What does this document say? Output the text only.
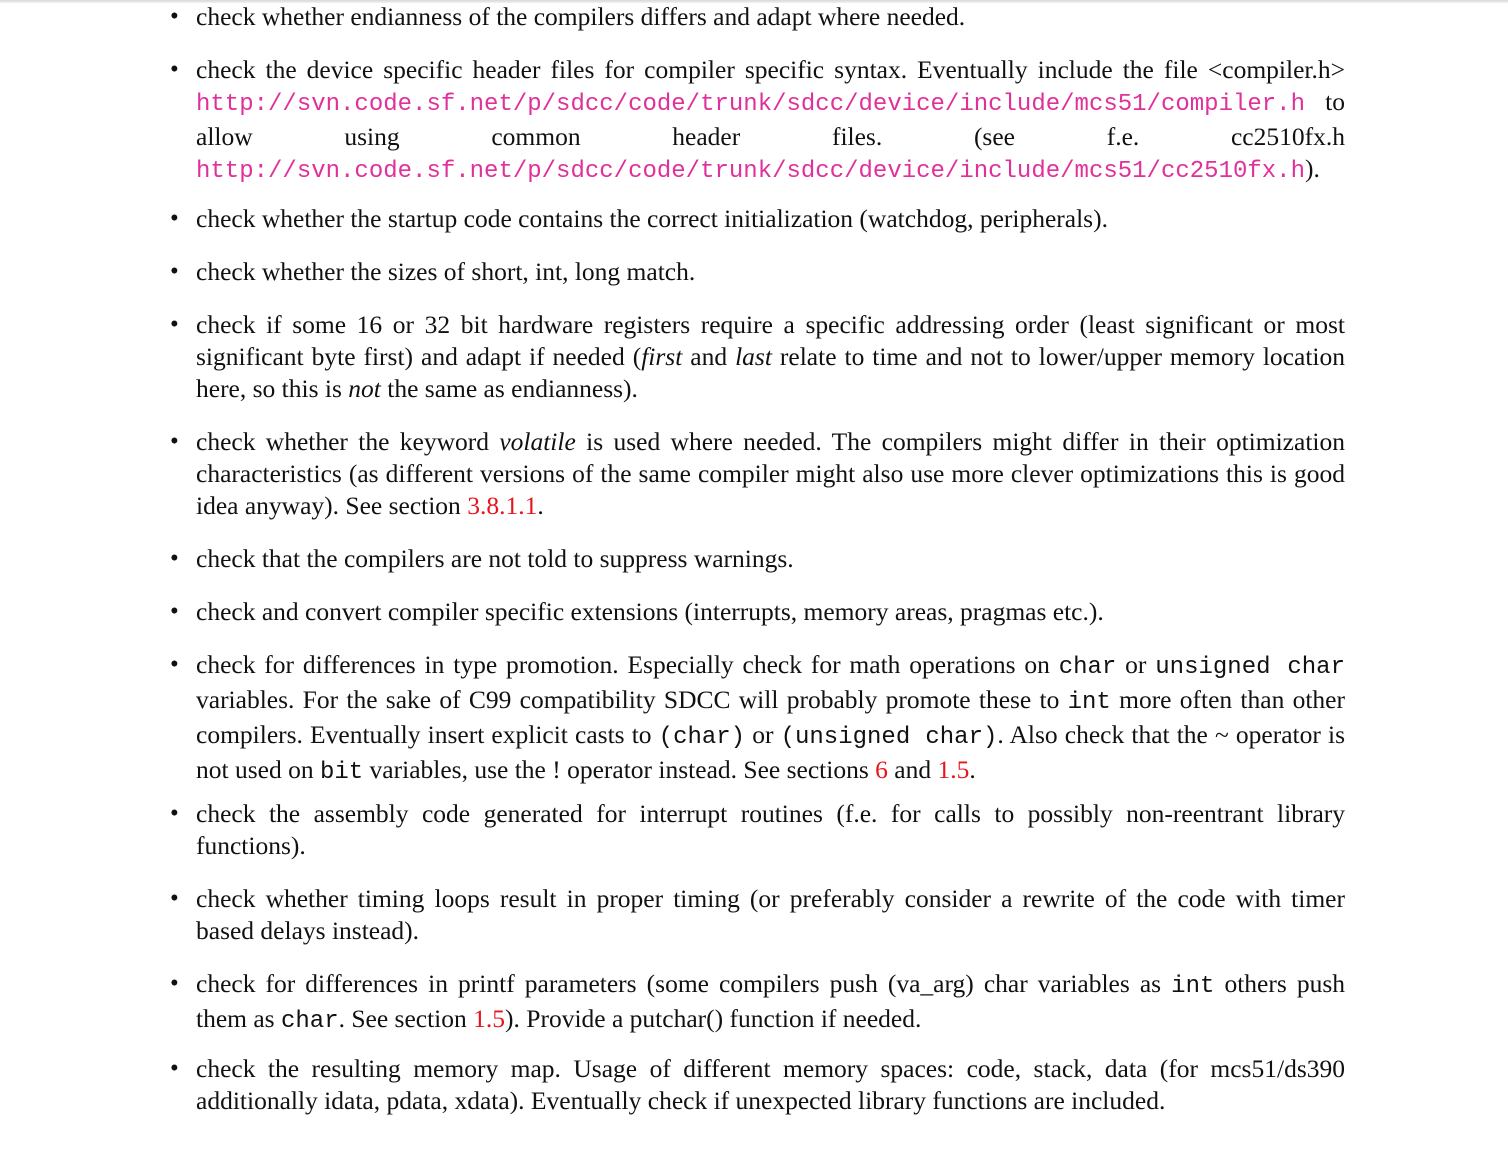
• check whether endianness of the compilers differs and adapt where needed.
• check the device specific header files for compiler specific syntax. Eventually include the file <compiler.h> http://svn.code.sf.net/p/sdcc/code/trunk/sdcc/device/include/mcs51/compiler.h to allow using common header files. (see f.e. cc2510fx.h http://svn.code.sf.net/p/sdcc/code/trunk/sdcc/device/include/mcs51/cc2510fx.h).
• check whether the startup code contains the correct initialization (watchdog, peripherals).
• check whether the sizes of short, int, long match.
• check if some 16 or 32 bit hardware registers require a specific addressing order (least significant or most significant byte first) and adapt if needed (first and last relate to time and not to lower/upper memory location here, so this is not the same as endianness).
• check whether the keyword volatile is used where needed. The compilers might differ in their optimization characteristics (as different versions of the same compiler might also use more clever optimizations this is good idea anyway). See section 3.8.1.1.
• check that the compilers are not told to suppress warnings.
• check and convert compiler specific extensions (interrupts, memory areas, pragmas etc.).
• check for differences in type promotion. Especially check for math operations on char or unsigned char variables. For the sake of C99 compatibility SDCC will probably promote these to int more often than other compilers. Eventually insert explicit casts to (char) or (unsigned char). Also check that the ~ operator is not used on bit variables, use the ! operator instead. See sections 6 and 1.5.
• check the assembly code generated for interrupt routines (f.e. for calls to possibly non-reentrant library functions).
• check whether timing loops result in proper timing (or preferably consider a rewrite of the code with timer based delays instead).
• check for differences in printf parameters (some compilers push (va_arg) char variables as int others push them as char. See section 1.5). Provide a putchar() function if needed.
• check the resulting memory map. Usage of different memory spaces: code, stack, data (for mcs51/ds390 additionally idata, pdata, xdata). Eventually check if unexpected library functions are included.
